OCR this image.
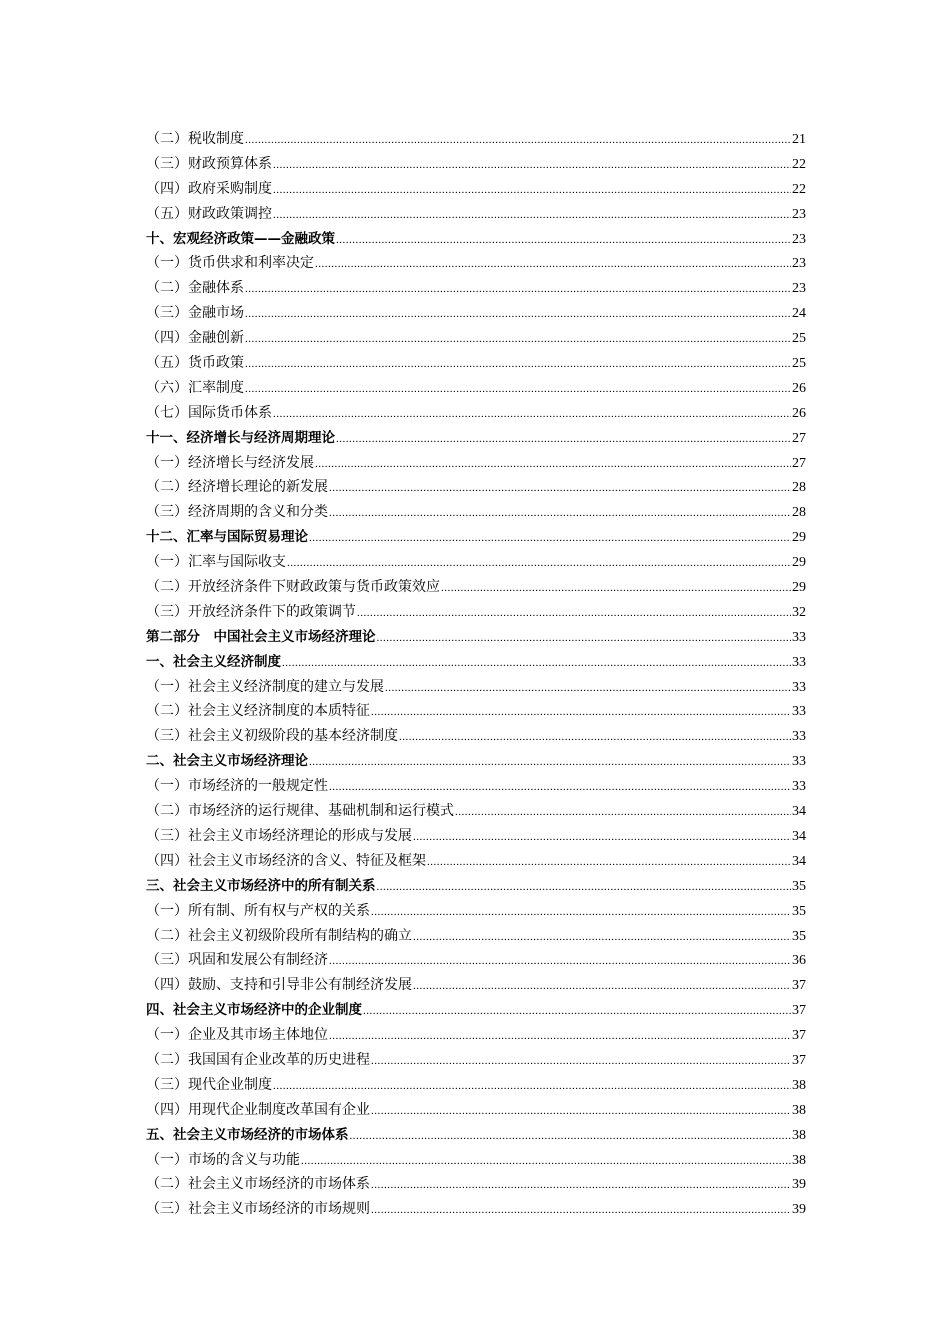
（二）税收制度 .....	21
（三）财政预算体系 .....	22
（四）政府采购制度 .....	22
（五）财政政策调控 .....	23
十、宏观经济政策——金融政策 .....	23
（一）货币供求和利率决定 .....	23
（二）金融体系 .....	23
（三）金融市场 .....	24
（四）金融创新 .....	25
（五）货币政策 .....	25
（六）汇率制度 .....	26
（七）国际货币体系 .....	26
十一、经济增长与经济周期理论 .....	27
（一）经济增长与经济发展 .....	27
（二）经济增长理论的新发展 .....	28
（三）经济周期的含义和分类 .....	28
十二、汇率与国际贸易理论 .....	29
（一）汇率与国际收支 .....	29
（二）开放经济条件下财政政策与货币政策效应 .....	29
（三）开放经济条件下的政策调节 .....	32
第二部分　中国社会主义市场经济理论 .....	33
一、社会主义经济制度 .....	33
（一）社会主义经济制度的建立与发展 .....	33
（二）社会主义经济制度的本质特征 .....	33
（三）社会主义初级阶段的基本经济制度 .....	33
二、社会主义市场经济理论 .....	33
（一）市场经济的一般规定性 .....	33
（二）市场经济的运行规律、基础机制和运行模式 .....	34
（三）社会主义市场经济理论的形成与发展 .....	34
（四）社会主义市场经济的含义、特征及框架 .....	34
三、社会主义市场经济中的所有制关系 .....	35
（一）所有制、所有权与产权的关系 .....	35
（二）社会主义初级阶段所有制结构的确立 .....	35
（三）巩固和发展公有制经济 .....	36
（四）鼓励、支持和引导非公有制经济发展 .....	37
四、社会主义市场经济中的企业制度 .....	37
（一）企业及其市场主体地位 .....	37
（二）我国国有企业改革的历史进程 .....	37
（三）现代企业制度 .....	38
（四）用现代企业制度改革国有企业 .....	38
五、社会主义市场经济的市场体系 .....	38
（一）市场的含义与功能 .....	38
（二）社会主义市场经济的市场体系 .....	39
（三）社会主义市场经济的市场规则 .....	39
